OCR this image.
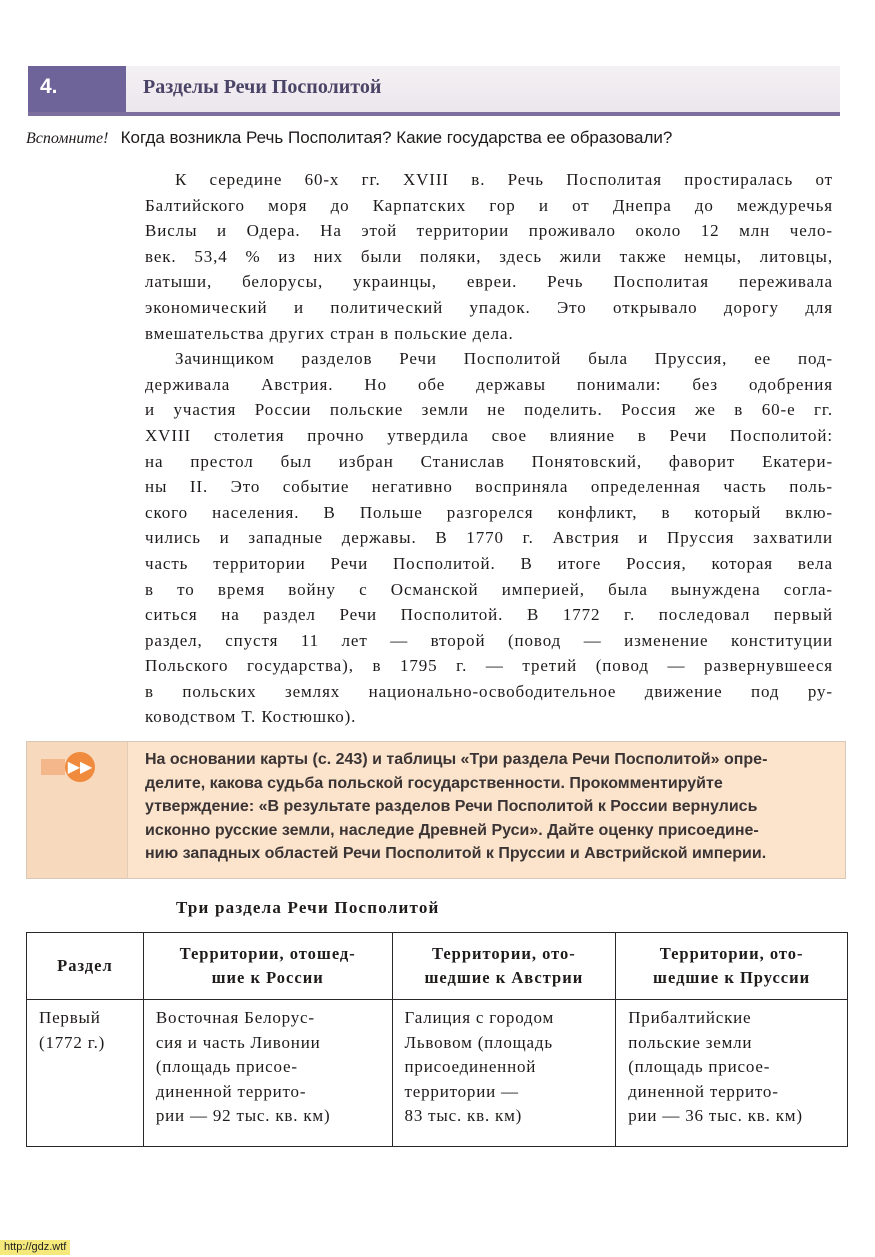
4.	Разделы Речи Посполитой
Вспомните! Когда возникла Речь Посполитая? Какие государства ее образовали?

К середине 60-х гг. XVIII в. Речь Посполитая простиралась от
Балтийского моря до Карпатских гор и от Днепра до междуречья
Вислы и Одера. На этой территории проживало около 12 млн чело-
век. 53,4 % из них были поляки, здесь жили также немцы, литовцы,
латыши, белорусы, украинцы, евреи. Речь Посполитая переживала
экономический и политический упадок. Это открывало дорогу для
вмешательства других стран в польские дела.

Зачинщиком разделов Речи Посполитой была Пруссия, ее под-
держивала Австрия. Но обе державы понимали: без одобрения
и участия России польские земли не поделить. Россия же в 60-е гг.
XVIII столетия прочно утвердила свое влияние в Речи Посполитой:
на престол был избран Станислав Понятовский, фаворит Екатери-
ны II. Это событие негативно восприняла определенная часть поль-
ского населения. В Польше разгорелся конфликт, в который вклю-
чились и западные державы. В 1770 г. Австрия и Пруссия захватили
часть территории Речи Посполитой. В итоге Россия, которая вела
в то время войну с Османской империей, была вынуждена согла-
ситься на раздел Речи Посполитой. В 1772 г. последовал первый
раздел, спустя 11 лет — второй (повод — изменение конституции
Польского государства), в 1795 г. — третий (повод — развернувшееся
в польских землях национально-освободительное движение под ру-
ководством Т. Костюшко).

▶▶	На основании карты (с. 243) и таблицы «Три раздела Речи Посполитой» опре-
делите, какова судьба польской государственности. Прокомментируйте
утверждение: «В результате разделов Речи Посполитой к России вернулись
исконно русские земли, наследие Древней Руси». Дайте оценку присоедине-
нию западных областей Речи Посполитой к Пруссии и Австрийской империи.
Три раздела Речи Посполитой
Раздел	Территории, отошед-
шие к России	Территории, ото-
шедшие к Австрии	Территории, ото-
шедшие к Пруссии

Первый
(1772 г.)	Восточная Белорус-
сия и часть Ливонии
(площадь присое-
диненной террито-
рии — 92 тыс. кв. км)	Галиция с городом
Львовом (площадь
присоединенной
территории —
83 тыс. кв. км)	Прибалтийские
польские земли
(площадь присое-
диненной террито-
рии — 36 тыс. кв. км)
http://gdz.wtf
